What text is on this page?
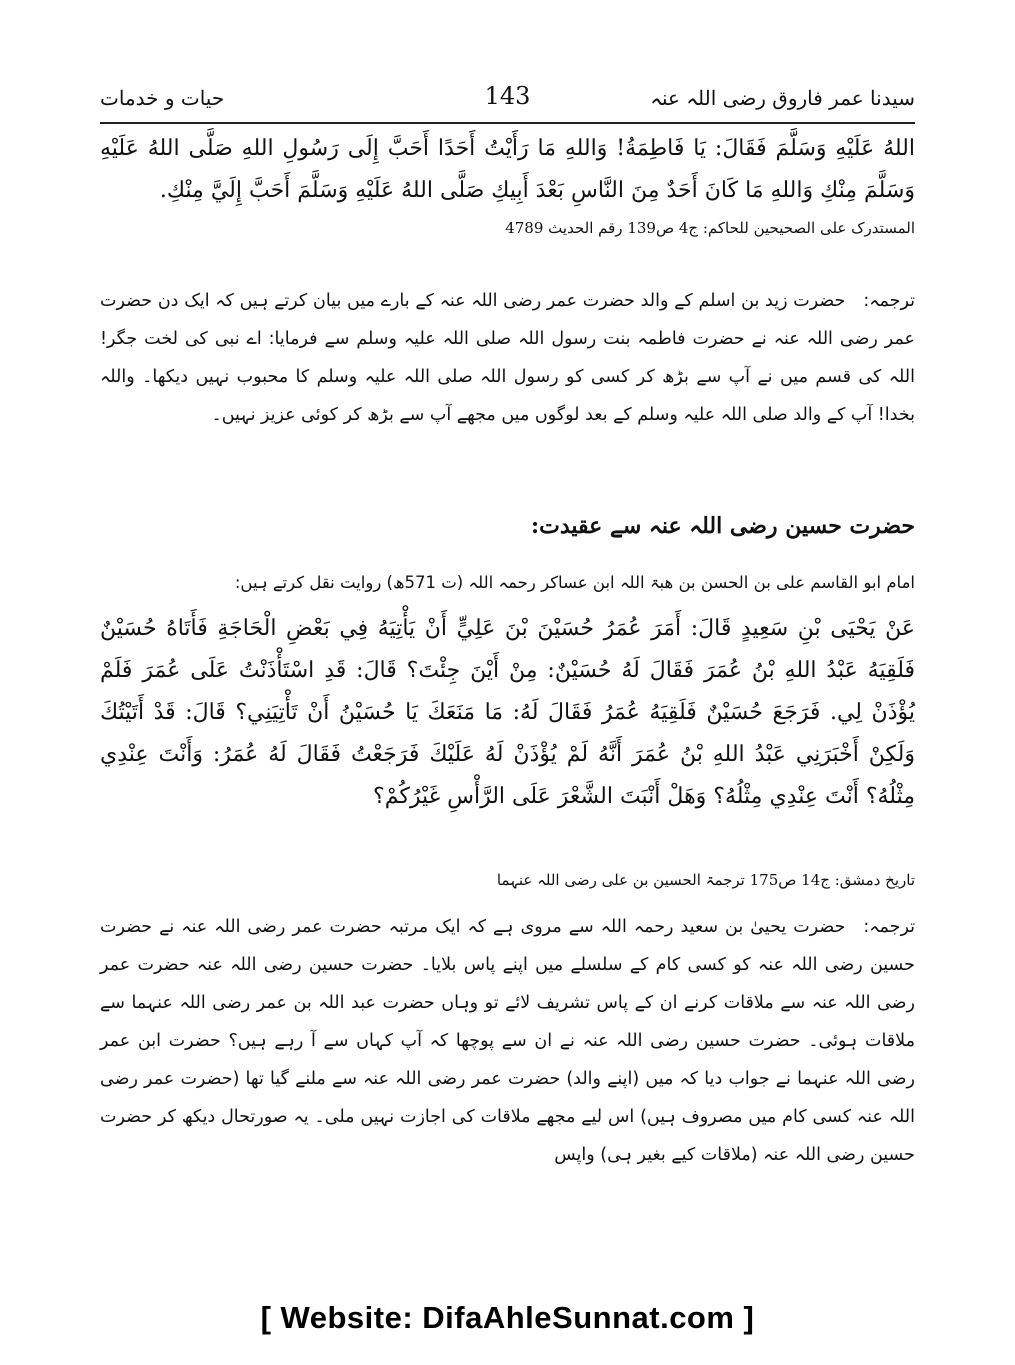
سیدنا عمر فاروق رضی اللہ عنہ
143
حیات و خدمات
اللهُ عَلَيْهِ وَسَلَّمَ فَقَالَ: يَا فَاطِمَةُ! وَاللهِ مَا رَأَيْتُ أَحَدًا أَحَبَّ إِلَى رَسُولِ اللهِ صَلَّى اللهُ عَلَيْهِ وَسَلَّمَ مِنْكِ وَاللهِ مَا كَانَ أَحَدٌ مِنَ النَّاسِ بَعْدَ أَبِيكِ صَلَّى اللهُ عَلَيْهِ وَسَلَّمَ أَحَبَّ إِلَيَّ مِنْكِ.
المستدرک علی الصحیحین للحاکم: ج4 ص139 رقم الحدیث 4789
ترجمہ:حضرت زید بن اسلم کے والد حضرت عمر رضی اللہ عنہ کے بارے میں بیان کرتے ہیں کہ ایک دن حضرت عمر رضی اللہ عنہ نے حضرت فاطمہ بنت رسول اللہ صلی اللہ علیہ وسلم سے فرمایا: اے نبی کی لخت جگر! اللہ کی قسم میں نے آپ سے بڑھ کر کسی کو رسول اللہ صلی اللہ علیہ وسلم کا محبوب نہیں دیکھا۔ واللہ بخدا! آپ کے والد صلی اللہ علیہ وسلم کے بعد لوگوں میں مجھے آپ سے بڑھ کر کوئی عزیز نہیں۔
حضرت حسین رضی اللہ عنہ سے عقیدت:
امام ابو القاسم علی بن الحسن بن ھبۃ اللہ ابن عساکر رحمہ اللہ (ت 571ھ) روایت نقل کرتے ہیں:
عَنْ يَحْيَى بْنِ سَعِيدٍ قَالَ: أَمَرَ عُمَرُ حُسَيْنَ بْنَ عَلِيٍّ أَنْ يَأْتِيَهُ فِي بَعْضِ الْحَاجَةِ فَأَتَاهُ حُسَيْنٌ فَلَقِيَهُ عَبْدُ اللهِ بْنُ عُمَرَ فَقَالَ لَهُ حُسَيْنٌ: مِنْ أَيْنَ جِئْتَ؟ قَالَ: قَدِ اسْتَأْذَنْتُ عَلَى عُمَرَ فَلَمْ يُؤْذَنْ لِي. فَرَجَعَ حُسَيْنٌ فَلَقِيَهُ عُمَرُ فَقَالَ لَهُ: مَا مَنَعَكَ يَا حُسَيْنُ أَنْ تَأْتِيَنِي؟ قَالَ: قَدْ أَتَيْتُكَ وَلَكِنْ أَخْبَرَنِي عَبْدُ اللهِ بْنُ عُمَرَ أَنَّهُ لَمْ يُؤْذَنْ لَهُ عَلَيْكَ فَرَجَعْتُ فَقَالَ لَهُ عُمَرُ: وَأَنْتَ عِنْدِي مِثْلُهُ؟ أَنْتَ عِنْدِي مِثْلُهُ؟ وَهَلْ أَنْبَتَ الشَّعْرَ عَلَى الرَّأْسِ غَيْرُكُمْ؟
تاریخ دمشق: ج14 ص175 ترجمۃ الحسین بن علی رضی اللہ عنہما
ترجمہ:حضرت یحییٰ بن سعید رحمہ اللہ سے مروی ہے کہ ایک مرتبہ حضرت عمر رضی اللہ عنہ نے حضرت حسین رضی اللہ عنہ کو کسی کام کے سلسلے میں اپنے پاس بلایا۔ حضرت حسین رضی اللہ عنہ حضرت عمر رضی اللہ عنہ سے ملاقات کرنے ان کے پاس تشریف لائے تو وہاں حضرت عبد اللہ بن عمر رضی اللہ عنہما سے ملاقات ہوئی۔ حضرت حسین رضی اللہ عنہ نے ان سے پوچھا کہ آپ کہاں سے آ رہے ہیں؟ حضرت ابن عمر رضی اللہ عنہما نے جواب دیا کہ میں (اپنے والد) حضرت عمر رضی اللہ عنہ سے ملنے گیا تھا (حضرت عمر رضی اللہ عنہ کسی کام میں مصروف ہیں) اس لیے مجھے ملاقات کی اجازت نہیں ملی۔ یہ صورتحال دیکھ کر حضرت حسین رضی اللہ عنہ (ملاقات کیے بغیر ہی) واپس
[ Website: DifaAhleSunnat.com ]
